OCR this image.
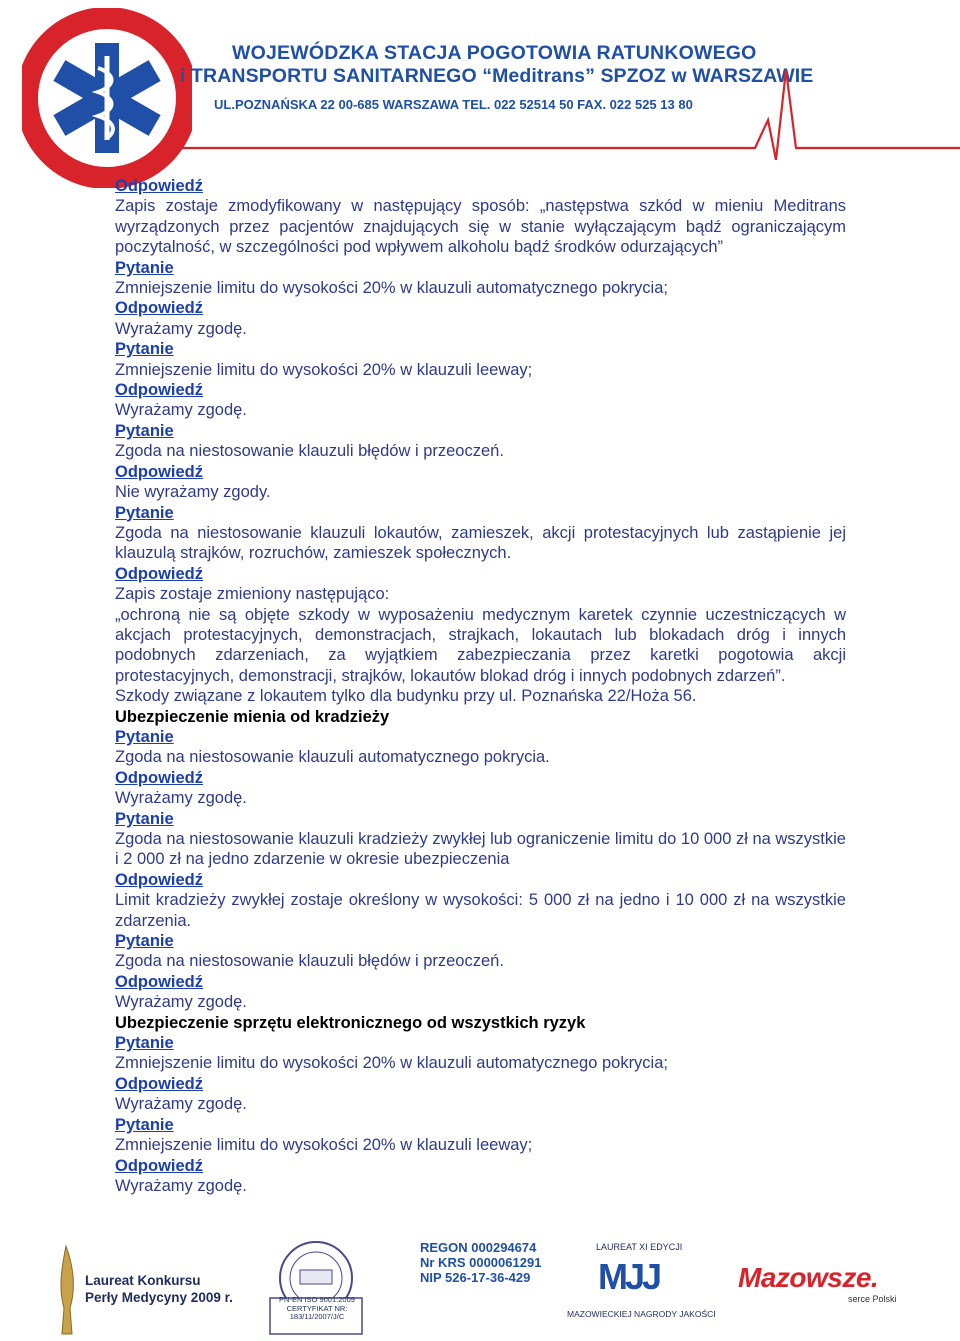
WOJEWÓDZKA STACJA POGOTOWIA RATUNKOWEGO
i TRANSPORTU SANITARNEGO “Meditrans” SPZOZ w WARSZAWIE
UL.POZNAŃSKA 22 00-685 WARSZAWA TEL. 022 52514 50 FAX. 022 525 13 80

Odpowiedź

Zapis zostaje zmodyfikowany w następujący sposób: „następstwa szkód w mieniu Meditrans wyrządzonych przez pacjentów znajdujących się w stanie wyłączającym bądź ograniczającym poczytalność, w szczególności pod wpływem alkoholu bądź środków odurzających”

Pytanie

Zmniejszenie limitu do wysokości 20% w klauzuli automatycznego pokrycia;

Odpowiedź

Wyrażamy zgodę.

Pytanie

Zmniejszenie limitu do wysokości 20% w klauzuli leeway;

Odpowiedź

Wyrażamy zgodę.

Pytanie

Zgoda na niestosowanie klauzuli błędów i przeoczeń.

Odpowiedź

Nie wyrażamy zgody.

Pytanie

Zgoda na niestosowanie klauzuli lokautów, zamieszek, akcji protestacyjnych lub zastąpienie jej klauzulą strajków, rozruchów, zamieszek społecznych.

Odpowiedź

Zapis zostaje zmieniony następująco:

„ochroną nie są objęte szkody w wyposażeniu medycznym karetek czynnie uczestniczących w akcjach protestacyjnych, demonstracjach, strajkach, lokautach lub blokadach dróg i innych podobnych zdarzeniach, za wyjątkiem zabezpieczania przez karetki pogotowia akcji protestacyjnych, demonstracji, strajków, lokautów blokad dróg i innych podobnych zdarzeń”.

Szkody związane z lokautem tylko dla budynku przy ul. Poznańska 22/Hoża 56.

Ubezpieczenie mienia od kradzieży

Pytanie

Zgoda na niestosowanie klauzuli automatycznego pokrycia.

Odpowiedź

Wyrażamy zgodę.

Pytanie

Zgoda na niestosowanie klauzuli kradzieży zwykłej lub ograniczenie limitu do 10 000 zł na wszystkie i 2 000 zł na jedno zdarzenie w okresie ubezpieczenia

Odpowiedź

Limit kradzieży zwykłej zostaje określony w wysokości: 5 000 zł na jedno i 10 000 zł na wszystkie zdarzenia.

Pytanie

Zgoda na niestosowanie klauzuli błędów i przeoczeń.

Odpowiedź

Wyrażamy zgodę.

Ubezpieczenie sprzętu elektronicznego od wszystkich ryzyk

Pytanie

Zmniejszenie limitu do wysokości 20% w klauzuli automatycznego pokrycia;

Odpowiedź

Wyrażamy zgodę.

Pytanie

Zmniejszenie limitu do wysokości 20% w klauzuli leeway;

Odpowiedź

Wyrażamy zgodę.

Laureat Konkursu
Perły Medycyny 2009 r.	PN-EN ISO 9001:2009 CERTYFIKAT NR: 183/11/2007/J/C
REGON 000294674
Nr KRS 0000061291
NIP 526-17-36-429
LAUREAT XI EDYCJI
MJJ
MAZOWIECKIEJ NAGRODY JAKOŚCI
Mazowsze.
serce Polski
